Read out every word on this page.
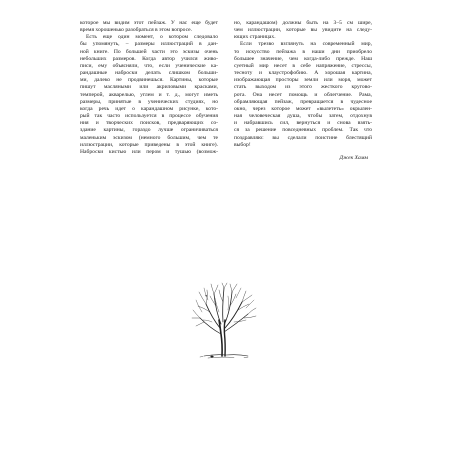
которое мы видим этот пейзаж. У нас еще будет
время хорошенько разобраться в этом вопросе.
Есть еще один момент, о котором следовало
бы упомянуть, – размеры иллюстраций в дан-
ной книге. По большей части это эскизы очень
небольших размеров. Когда автор учился живо-
писи, ему объясняли, что, если ученические ка-
рандашные наброски делать слишком больши-
ми, далеко не продвинешься. Картины, которые
пишут масляными или акриловыми красками,
темперой, акварелью, углем и т. д., могут иметь
размеры, принятые в ученических студиях, но
когда речь идет о карандашном рисунке, кото-
рый так часто используется в процессе обучения
ния и творческих поисков, предваряющих со-
здание картины, гораздо лучше ограничиваться
маленьким эскизом (немного большим, чем те
иллюстрации, которые приведены в этой книге).
Наброски кистью или пером и тушью (возмож-
но, карандашом) должны быть на 3–5 см шире,
чем иллюстрации, которые вы увидите на следу-
ющих страницах.
Если трезво взглянуть на современный мир,
то искусство пейзажа в наши дни приобрело
большее значение, чем когда-либо прежде. Наш
суетный мир несет в себе напряжение, стрессы,
тесноту и клаустрофобию. А хорошая картина,
изображающая просторы земли или моря, может
стать выходом из этого жесткого кругово-
рота. Она несет помощь и облегчение. Рама,
обрамляющая пейзаж, превращается в чудесное
окно, через которое может «вылететь» окрылен-
ная человеческая душа, чтобы затем, отдохнув
и набравшись сил, вернуться и снова взять-
ся за решение повседневных проблем. Так что
поздравляю: вы сделали поистине блестящий
выбор!
Джек Хамм
